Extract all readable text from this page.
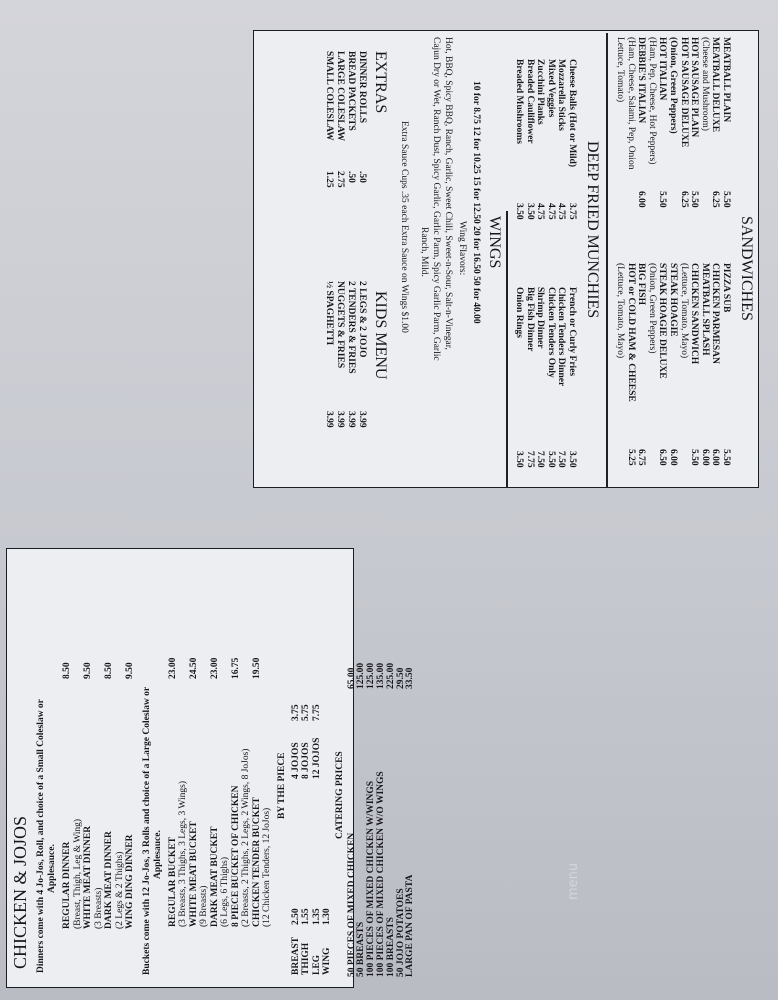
CHICKEN & JOJOS Dinners come with 4 Jo-Jos, Roll, and choice of a Small Coleslaw or Applesauce.	Buckets come with 12 Jo-Jos, 3 Rolls and choice of a Large Coleslaw or Applesauce.
BY THE PIECE	CATERING PRICES
REGULAR DINNER
8.50
(Breast, Thigh, Leg & Wing) WHITE MEAT DINNER
9.50
(3 Breasts) DARK MEAT DINNER
8.50
(2 Legs & 2 Thighs) WING DING DINNER
9.50
REGULAR BUCKET
23.00
(3 Breasts, 3 Thighs, 3 Legs, 3 Wings) WHITE MEAT BUCKET
24.50
(9 Breasts) DARK MEAT BUCKET
23.00
(6 Legs, 6 Thighs) 8 PIECE BUCKET OF CHICKEN
16.75
(2 Breasts, 2 Thighs, 2 Legs, 2 Wings, 8 JoJos) CHICKEN TENDER BUCKET
19.50
(12 Chicken Tenders, 12 JoJos)
BREAST
2.50
THIGH
1.55
LEG
1.35
WING
1.30
4 JOJOS
3.75
8 JOJOS
5.75
12 JOJOS
7.75
50 PIECES OF MIXED CHICKEN
65.00
50 BREASTS
125.00
100 PIECES OF MIXED CHICKEN W/WINGS
125.00
100 PIECES OF MIXED CHICKEN W/O WINGS
135.00
100 BREASTS
225.00
50 JOJO POTATOES
29.50
LARGE PAN OF PASTA
33.50
SANDWICHES
DEEP FRIED MUNCHIES
WINGS
10 for 8.75 12 for 10.25 15 for 12.50 20 for 16.50 50 for 40.00
Wing Flavors:
Hot, BBQ, Spicy BBQ, Ranch, Garlic, Sweet Chili, Sweet-n-Sour, Salt-n-Vinegar,
Cajun Dry or Wet, Ranch Dust, Spicy Garlic, Garlic Parm, Spicy Garlic Parm, Garlic
Ranch, Mild.
MEATBALL PLAIN
5.50
MEATBALL DELUXE
6.25
(Cheese and Mushroom)
HOT SAUSAGE PLAIN
5.50
HOT SAUSAGE DELUXE
6.25
(Onion, Green Peppers)
HOT ITALIAN
5.50
(Ham, Pep, Cheese, Hot Peppers)
DEBBIE'S ITALIAN
6.00
(Ham, Cheese, Salami, Pep, Onion
Lettuce, Tomato)
PIZZA SUB
5.50
CHICKEN PARMESAN
6.00
MEATBALL SPLASH
6.00
CHICKEN SANDWICH
5.50
(Lettuce, Tomato, Mayo)
STEAK HOAGIE
6.00
STEAK HOAGIE DELUXE
6.50
(Onion, Green Peppers)
BIG FISH
6.75
HOT or COLD HAM & CHEESE
5.25
(Lettuce, Tomato, Mayo)
Cheese Balls (Hot or Mild)
3.75
Mozzarella Sticks
4.75
Mixed Veggies
4.75
Zucchini Planks
4.75
Breaded Cauliflower
3.50
Breaded Mushrooms
3.50
French or Curly Fries
3.50
Chicken Tenders Dinner
7.50
Chicken Tenders Only
5.50
Shrimp Dinner
7.50
Big Fish Dinner
7.75
Onion Rings
3.50
Extra Sauce Cups .35 each Extra Sauce on Wings $1.00
EXTRAS
DINNER ROLLS
.50
BREAD PACKETS
.50
LARGE COLESLAW
2.75
SMALL COLESLAW
1.25
KIDS MENU
2 LEGS & 2 JOJO
3.99
2 TENDERS & FRIES
3.99
NUGGETS & FRIES
3.99
½ SPAGHETTI
3.99
menu
